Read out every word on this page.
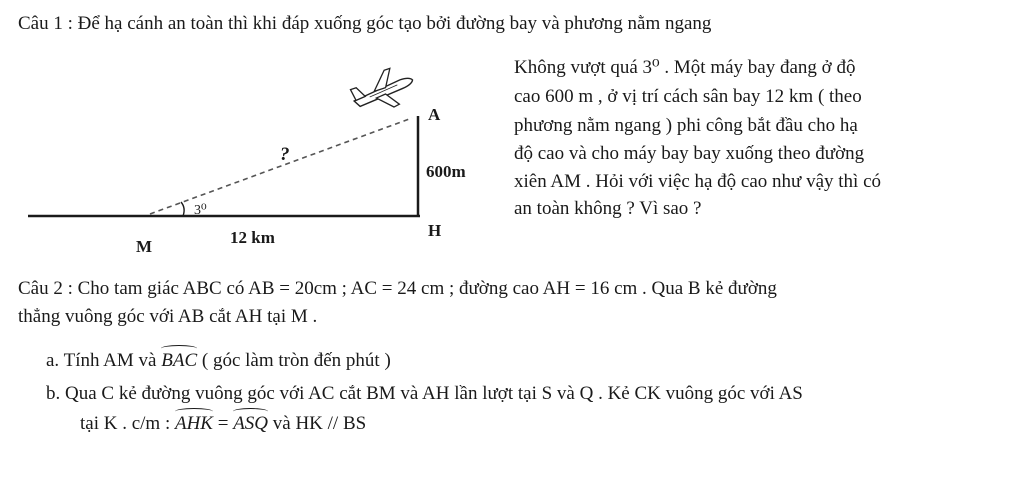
Câu 1 : Để hạ cánh an toàn thì khi đáp xuống góc tạo bởi đường bay và phương nằm ngang
Không vượt quá 3⁰ . Một máy bay đang ở độ
cao 600 m , ở vị trí cách sân bay 12 km ( theo
phương nằm ngang ) phi công bắt đầu cho hạ
độ cao và cho máy bay bay xuống theo đường
xiên AM . Hỏi với việc hạ độ cao như vậy thì có
an toàn không ? Vì sao ?
A
?
600m
3⁰
M	12 km	H
Câu 2 : Cho tam giác ABC có AB = 20cm ; AC = 24 cm ; đường cao AH = 16 cm . Qua B kẻ đường
thẳng vuông góc với AB cắt AH tại M .
a. Tính AM và BAC ( góc làm tròn đến phút )
b. Qua C kẻ đường vuông góc với AC cắt BM và AH lần lượt tại S và Q . Kẻ CK vuông góc với AS
tại K . c/m : AHK = ASQ và HK // BS
